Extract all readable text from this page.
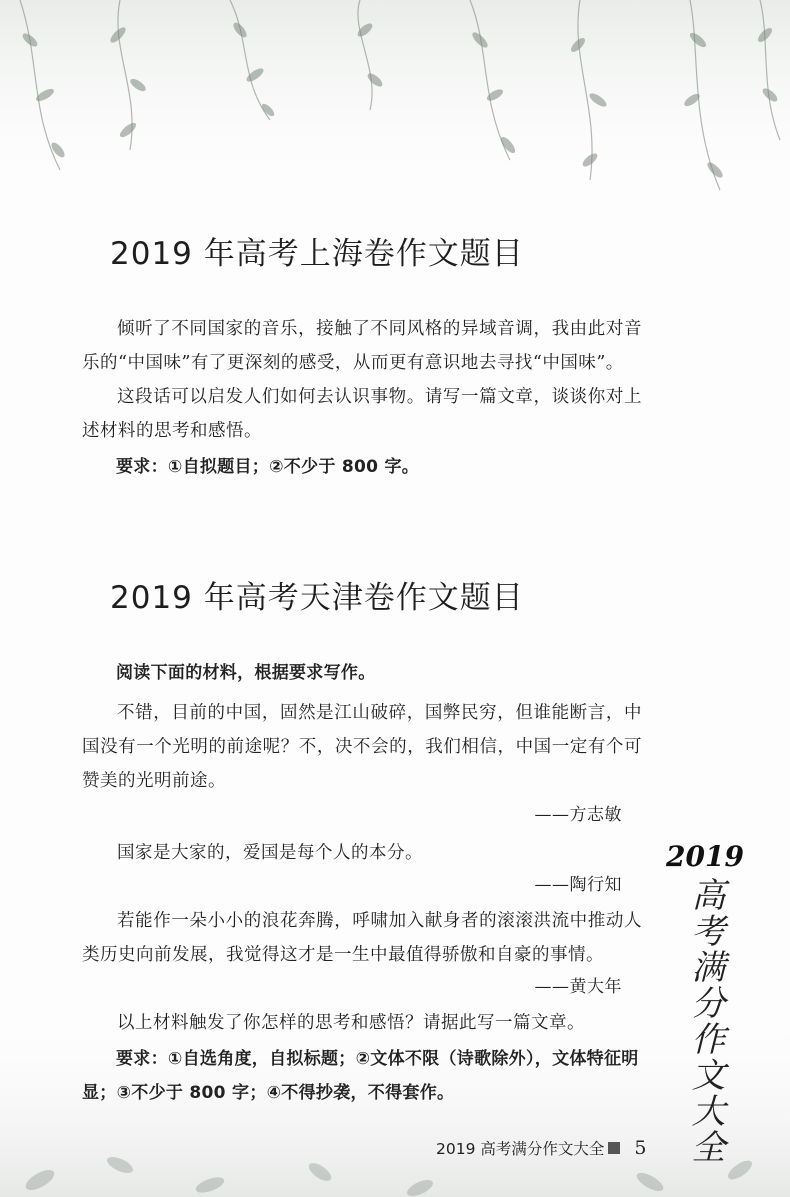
2019 年高考上海卷作文题目

倾听了不同国家的音乐，接触了不同风格的异域音调，我由此对音乐的“中国味”有了更深刻的感受，从而更有意识地去寻找“中国味”。

这段话可以启发人们如何去认识事物。请写一篇文章，谈谈你对上述材料的思考和感悟。

要求：①自拟题目；②不少于 800 字。

2019 年高考天津卷作文题目

阅读下面的材料，根据要求写作。

不错，目前的中国，固然是江山破碎，国弊民穷，但谁能断言，中国没有一个光明的前途呢？不，决不会的，我们相信，中国一定有个可赞美的光明前途。

——方志敏

国家是大家的，爱国是每个人的本分。

——陶行知

若能作一朵小小的浪花奔腾，呼啸加入献身者的滚滚洪流中推动人类历史向前发展，我觉得这才是一生中最值得骄傲和自豪的事情。

——黄大年

以上材料触发了你怎样的思考和感悟？请据此写一篇文章。

要求：①自选角度，自拟标题；②文体不限（诗歌除外），文体特征明显；③不少于 800 字；④不得抄袭，不得套作。

2019
高考满分作文大全
2019 高考满分作文大全 5
